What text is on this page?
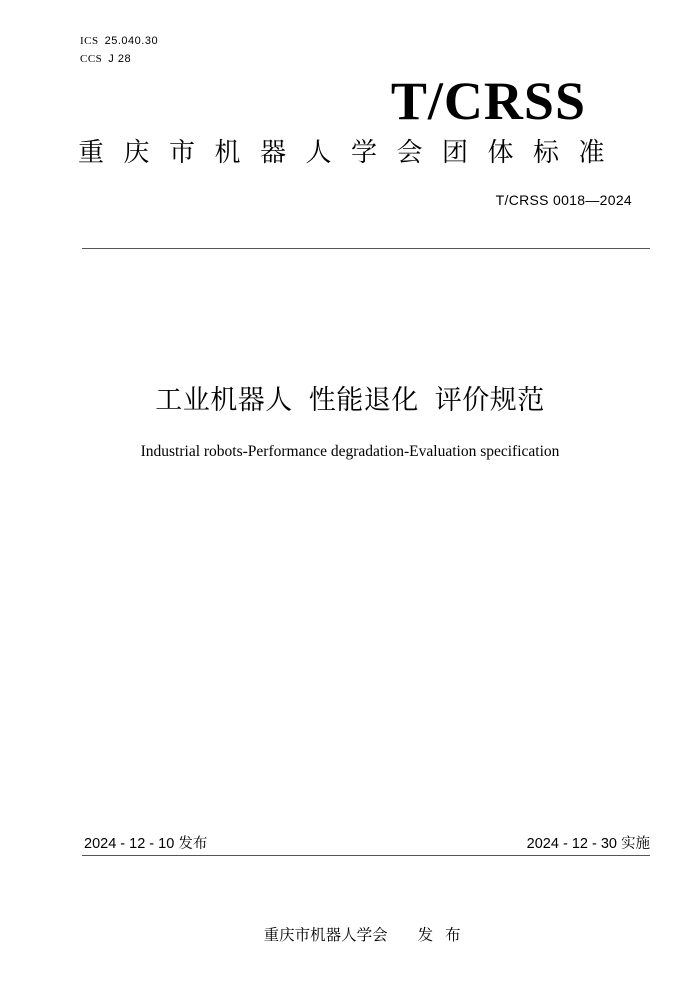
ICS 25.040.30
CCS J 28
T/CRSS
重庆市机器人学会团体标准
T/CRSS 0018—2024
工业机器人  性能退化  评价规范
Industrial robots-Performance degradation-Evaluation specification
2024 - 12 - 10 发布	2024 - 12 - 30 实施

重庆市机器人学会 发布
